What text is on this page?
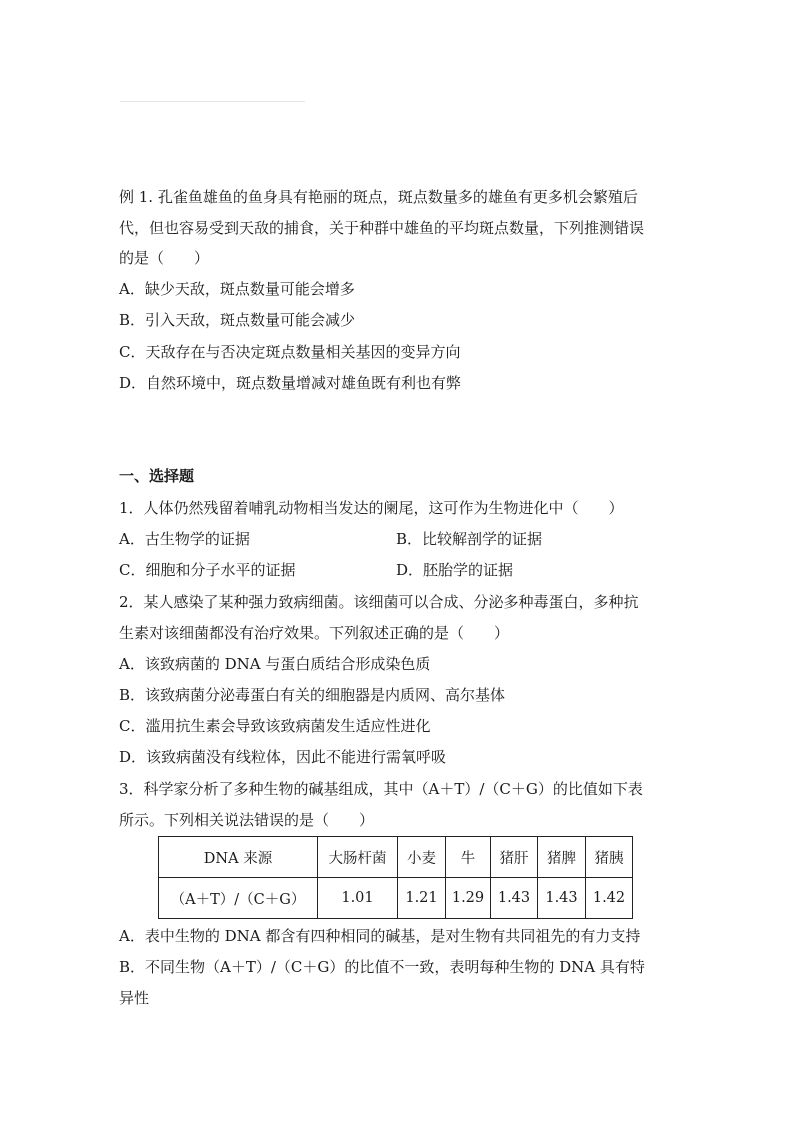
例 1. 孔雀鱼雄鱼的鱼身具有艳丽的斑点，斑点数量多的雄鱼有更多机会繁殖后
代，但也容易受到天敌的捕食，关于种群中雄鱼的平均斑点数量，下列推测错误
的是（　　）
A．缺少天敌，斑点数量可能会增多
B．引入天敌，斑点数量可能会减少
C．天敌存在与否决定斑点数量相关基因的变异方向
D．自然环境中，斑点数量增减对雄鱼既有利也有弊
一、选择题
1．人体仍然残留着哺乳动物相当发达的阑尾，这可作为生物进化中（　　）
A．古生物学的证据	B．比较解剖学的证据
C．细胞和分子水平的证据	D．胚胎学的证据
2．某人感染了某种强力致病细菌。该细菌可以合成、分泌多种毒蛋白，多种抗
生素对该细菌都没有治疗效果。下列叙述正确的是（　　）
A．该致病菌的 DNA 与蛋白质结合形成染色质
B．该致病菌分泌毒蛋白有关的细胞器是内质网、高尔基体
C．滥用抗生素会导致该致病菌发生适应性进化
D．该致病菌没有线粒体，因此不能进行需氧呼吸
3．科学家分析了多种生物的碱基组成，其中（A＋T）/（C＋G）的比值如下表
所示。下列相关说法错误的是（　　）
DNA 来源	大肠杆菌	小麦	牛	猪肝	猪脾	猪胰
（A＋T）/（C＋G）	1.01	1.21	1.29	1.43	1.43	1.42
A．表中生物的 DNA 都含有四种相同的碱基，是对生物有共同祖先的有力支持
B．不同生物（A＋T）/（C＋G）的比值不一致，表明每种生物的 DNA 具有特
异性
